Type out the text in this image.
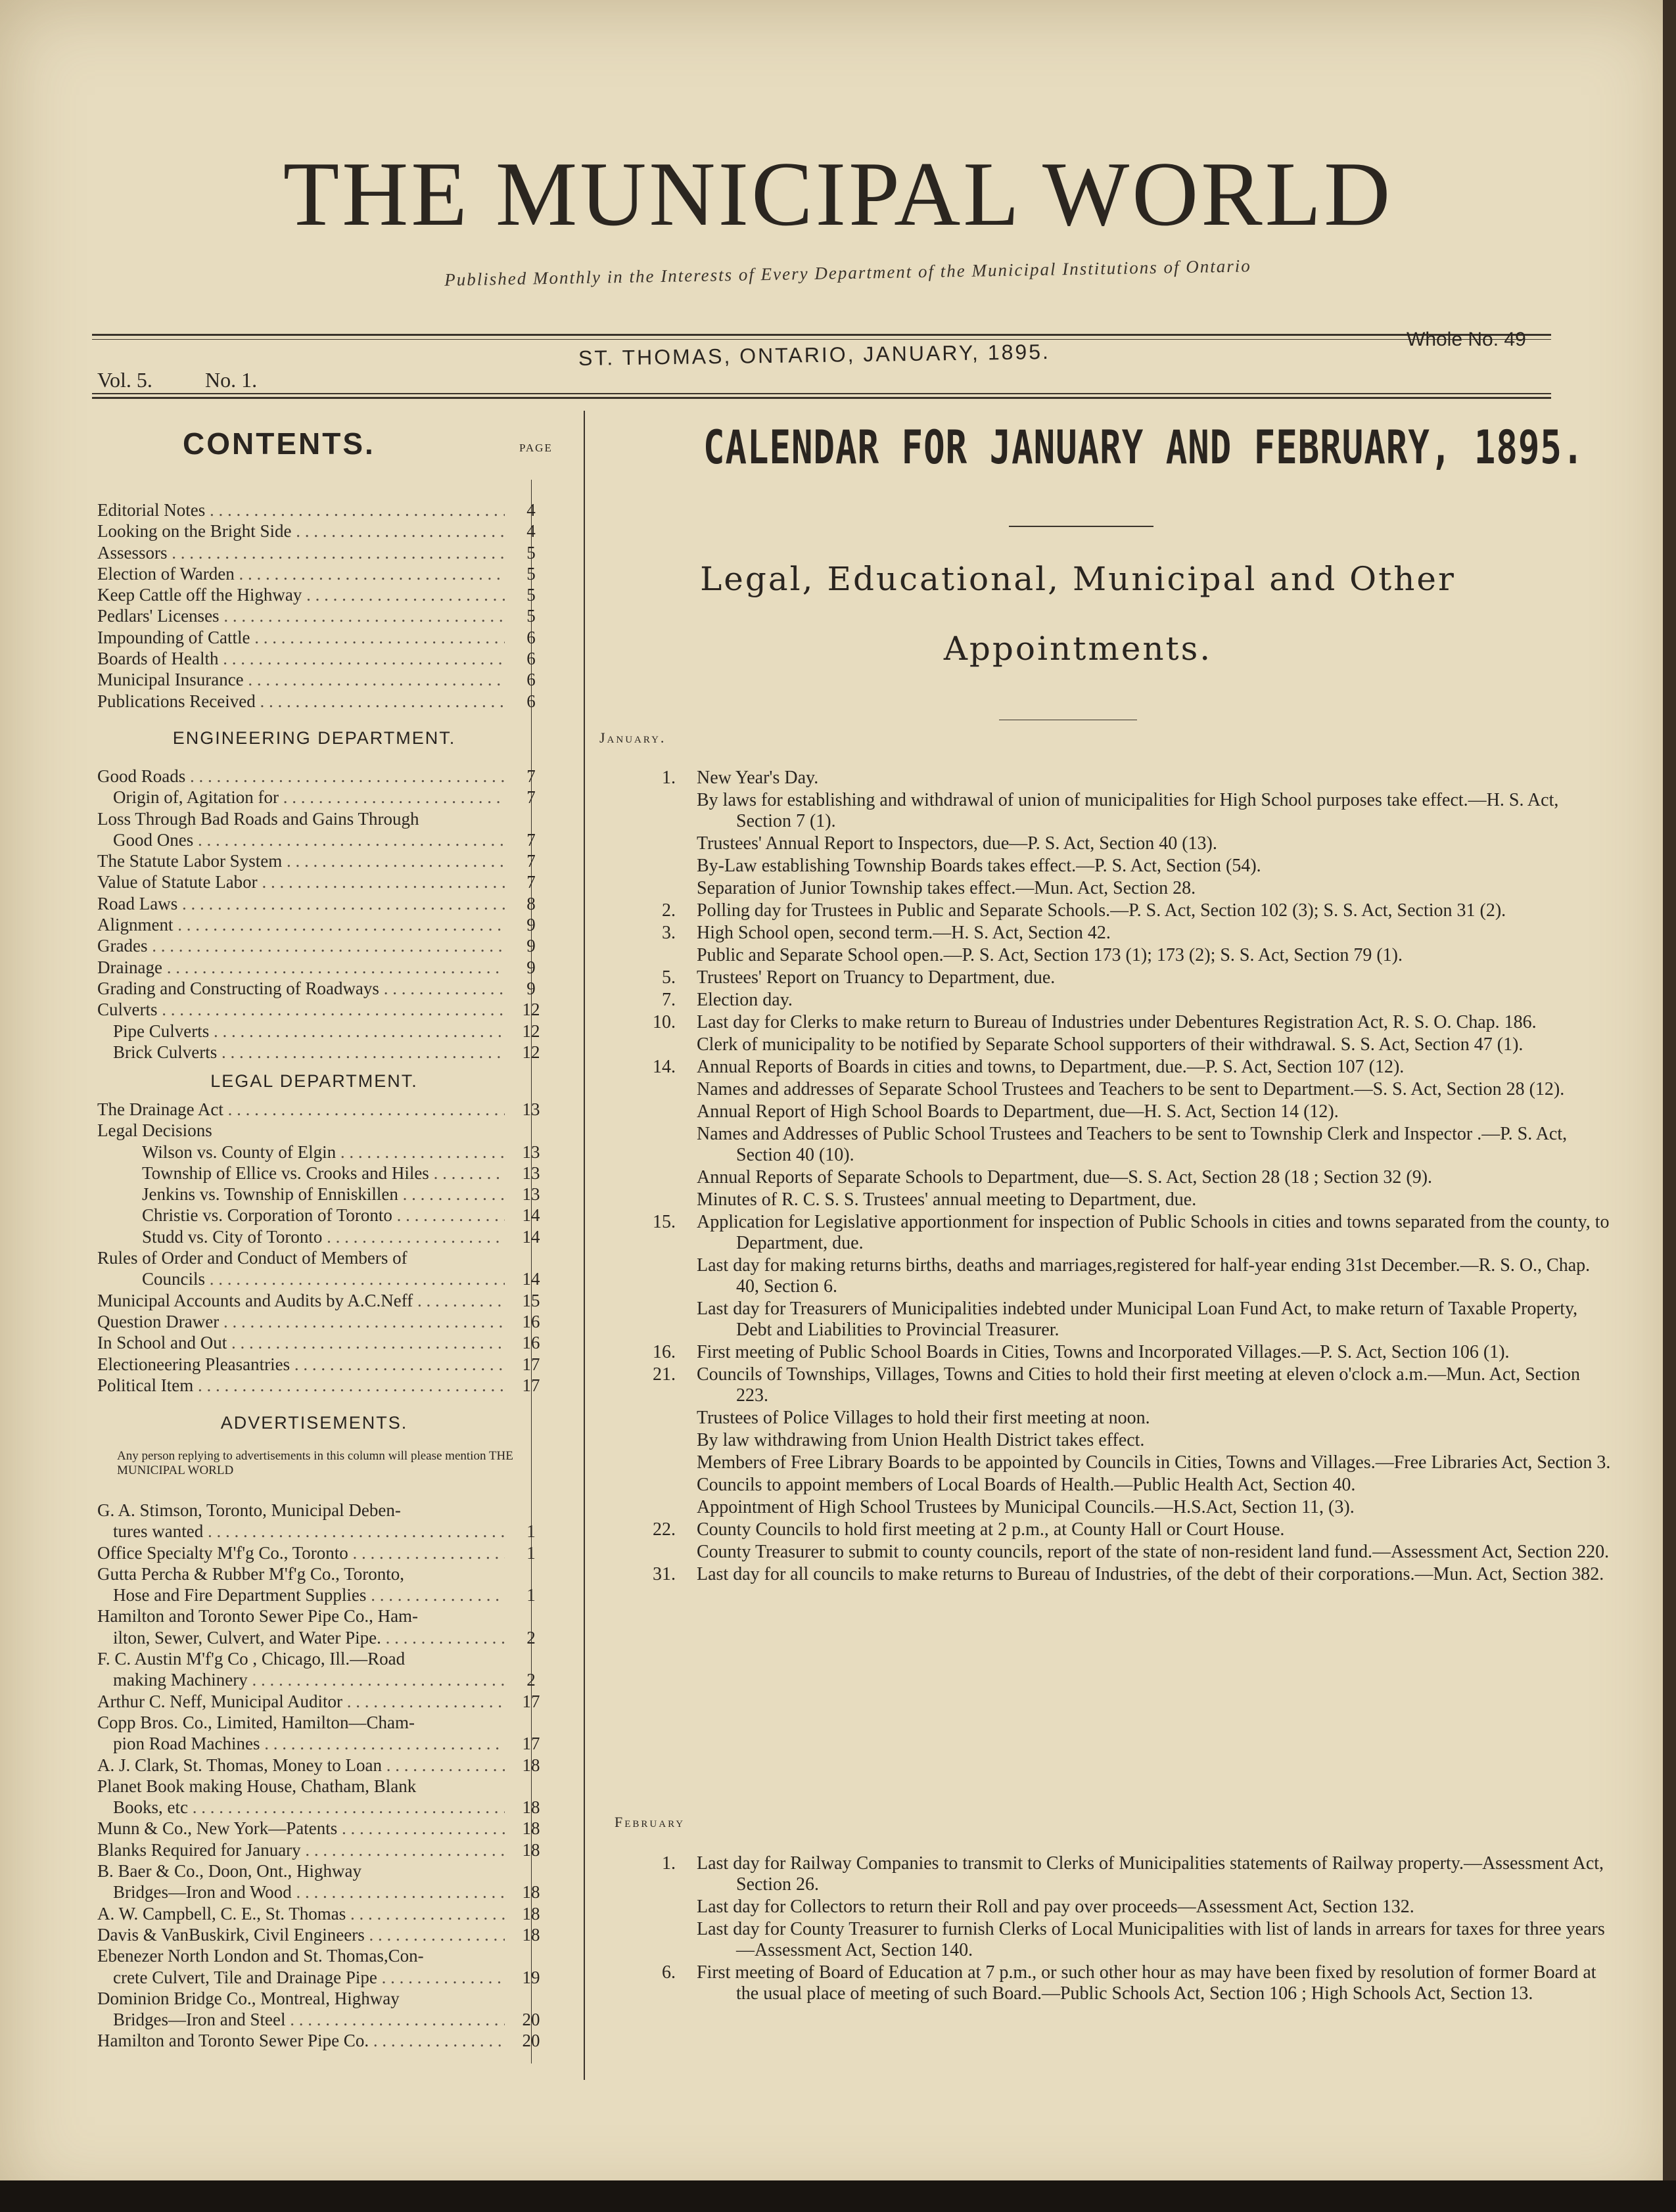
THE MUNICIPAL WORLD
Published Monthly in the Interests of Every Department of the Municipal Institutions of Ontario
Vol. 5.	No. 1.
ST. THOMAS, ONTARIO, JANUARY, 1895.
Whole No. 49
CONTENTS.	PAGE
Editorial Notes . . .	4
Looking on the Bright Side . . .	4
Assessors . . .	5
Election of Warden . . .	5
Keep Cattle off the Highway . . .	5
Pedlars' Licenses . . .	5
Impounding of Cattle . . .	6
Boards of Health . . .	6
Municipal Insurance . . .	6
Publications Received . . .	6
ENGINEERING DEPARTMENT.
Good Roads . . .	7
Origin of, Agitation for . . .	7
Loss Through Bad Roads and Gains Through
Good Ones . . .	7
The Statute Labor System . . .	7
Value of Statute Labor . . .	7
Road Laws . . .	8
Alignment . . .	9
Grades . . .	9
Drainage . . .	9
Grading and Constructing of Roadways . . .	9
Culverts . . .	12
Pipe Culverts . . .	12
Brick Culverts . . .	12
LEGAL DEPARTMENT.
The Drainage Act . . .	13
Legal Decisions
Wilson vs. County of Elgin . . .	13
Township of Ellice vs. Crooks and Hiles . . .	13
Jenkins vs. Township of Enniskillen . . .	13
Christie vs. Corporation of Toronto . . .	14
Studd vs. City of Toronto . . .	14
Rules of Order and Conduct of Members of
Councils . . .	14
Municipal Accounts and Audits by A.C.Neff . . .	15
Question Drawer . . .	16
In School and Out . . .	16
Electioneering Pleasantries . . .	17
Political Item . . .	17
ADVERTISEMENTS.
Any person replying to advertisements in this column will please mention THE MUNICIPAL WORLD
G. A. Stimson, Toronto, Municipal Deben-
tures wanted . . .	1
Office Specialty M'f'g Co., Toronto . . .	1
Gutta Percha & Rubber M'f'g Co., Toronto,
Hose and Fire Department Supplies . . .	1
Hamilton and Toronto Sewer Pipe Co., Ham-
ilton, Sewer, Culvert, and Water Pipe. . . .	2
F. C. Austin M'f'g Co , Chicago, Ill.—Road
making Machinery . . .	2
Arthur C. Neff, Municipal Auditor . . .	17
Copp Bros. Co., Limited, Hamilton—Cham-
pion Road Machines . . .	17
A. J. Clark, St. Thomas, Money to Loan . . .	18
Planet Book making House, Chatham, Blank
Books, etc . . .	18
Munn & Co., New York—Patents . . .	18
Blanks Required for January . . .	18
B. Baer & Co., Doon, Ont., Highway
Bridges—Iron and Wood . . .	18
A. W. Campbell, C. E., St. Thomas . . .	18
Davis & VanBuskirk, Civil Engineers . . .	18
Ebenezer North London and St. Thomas,Con-
crete Culvert, Tile and Drainage Pipe . . .	19
Dominion Bridge Co., Montreal, Highway
Bridges—Iron and Steel . . .	20
Hamilton and Toronto Sewer Pipe Co. . . .	20
CALENDAR FOR JANUARY AND FEBRUARY, 1895.
Legal, Educational, Municipal and Other
Appointments.
January.
1. New Year's Day.
By laws for establishing and withdrawal of union of municipalities for High School purposes take effect.—H. S. Act, Section 7 (1).
Trustees' Annual Report to Inspectors, due—P. S. Act, Section 40 (13).
By-Law establishing Township Boards takes effect.—P. S. Act, Section (54).
Separation of Junior Township takes effect.—Mun. Act, Section 28.
2. Polling day for Trustees in Public and Separate Schools.—P. S. Act, Section 102 (3); S. S. Act, Section 31 (2).
3. High School open, second term.—H. S. Act, Section 42.
Public and Separate School open.—P. S. Act, Section 173 (1); 173 (2); S. S. Act, Section 79 (1).
5. Trustees' Report on Truancy to Department, due.
7. Election day.
10. Last day for Clerks to make return to Bureau of Industries under Debentures Registration Act, R. S. O. Chap. 186.
Clerk of municipality to be notified by Separate School supporters of their withdrawal. S. S. Act, Section 47 (1).
14. Annual Reports of Boards in cities and towns, to Department, due.—P. S. Act, Section 107 (12).
Names and addresses of Separate School Trustees and Teachers to be sent to Department.—S. S. Act, Section 28 (12).
Annual Report of High School Boards to Department, due—H. S. Act, Section 14 (12).
Names and Addresses of Public School Trustees and Teachers to be sent to Township Clerk and Inspector .—P. S. Act, Section 40 (10).
Annual Reports of Separate Schools to Department, due—S. S. Act, Section 28 (18 ; Section 32 (9).
Minutes of R. C. S. S. Trustees' annual meeting to Department, due.
15. Application for Legislative apportionment for inspection of Public Schools in cities and towns separated from the county, to Department, due.
Last day for making returns births, deaths and marriages,registered for half-year ending 31st December.—R. S. O., Chap. 40, Section 6.
Last day for Treasurers of Municipalities indebted under Municipal Loan Fund Act, to make return of Taxable Property, Debt and Liabilities to Provincial Treasurer.
16. First meeting of Public School Boards in Cities, Towns and Incorporated Villages.—P. S. Act, Section 106 (1).
21. Councils of Townships, Villages, Towns and Cities to hold their first meeting at eleven o'clock a.m.—Mun. Act, Section 223.
Trustees of Police Villages to hold their first meeting at noon.
By law withdrawing from Union Health District takes effect.
Members of Free Library Boards to be appointed by Councils in Cities, Towns and Villages.—Free Libraries Act, Section 3.
Councils to appoint members of Local Boards of Health.—Public Health Act, Section 40.
Appointment of High School Trustees by Municipal Councils.—H.S.Act, Section 11, (3).
22. County Councils to hold first meeting at 2 p.m., at County Hall or Court House.
County Treasurer to submit to county councils, report of the state of non-resident land fund.—Assessment Act, Section 220.
31. Last day for all councils to make returns to Bureau of Industries, of the debt of their corporations.—Mun. Act, Section 382.
February
1. Last day for Railway Companies to transmit to Clerks of Municipalities statements of Railway property.—Assessment Act, Section 26.
Last day for Collectors to return their Roll and pay over proceeds—Assessment Act, Section 132.
Last day for County Treasurer to furnish Clerks of Local Municipalities with list of lands in arrears for taxes for three years—Assessment Act, Section 140.
6. First meeting of Board of Education at 7 p.m., or such other hour as may have been fixed by resolution of former Board at the usual place of meeting of such Board.—Public Schools Act, Section 106 ; High Schools Act, Section 13.
